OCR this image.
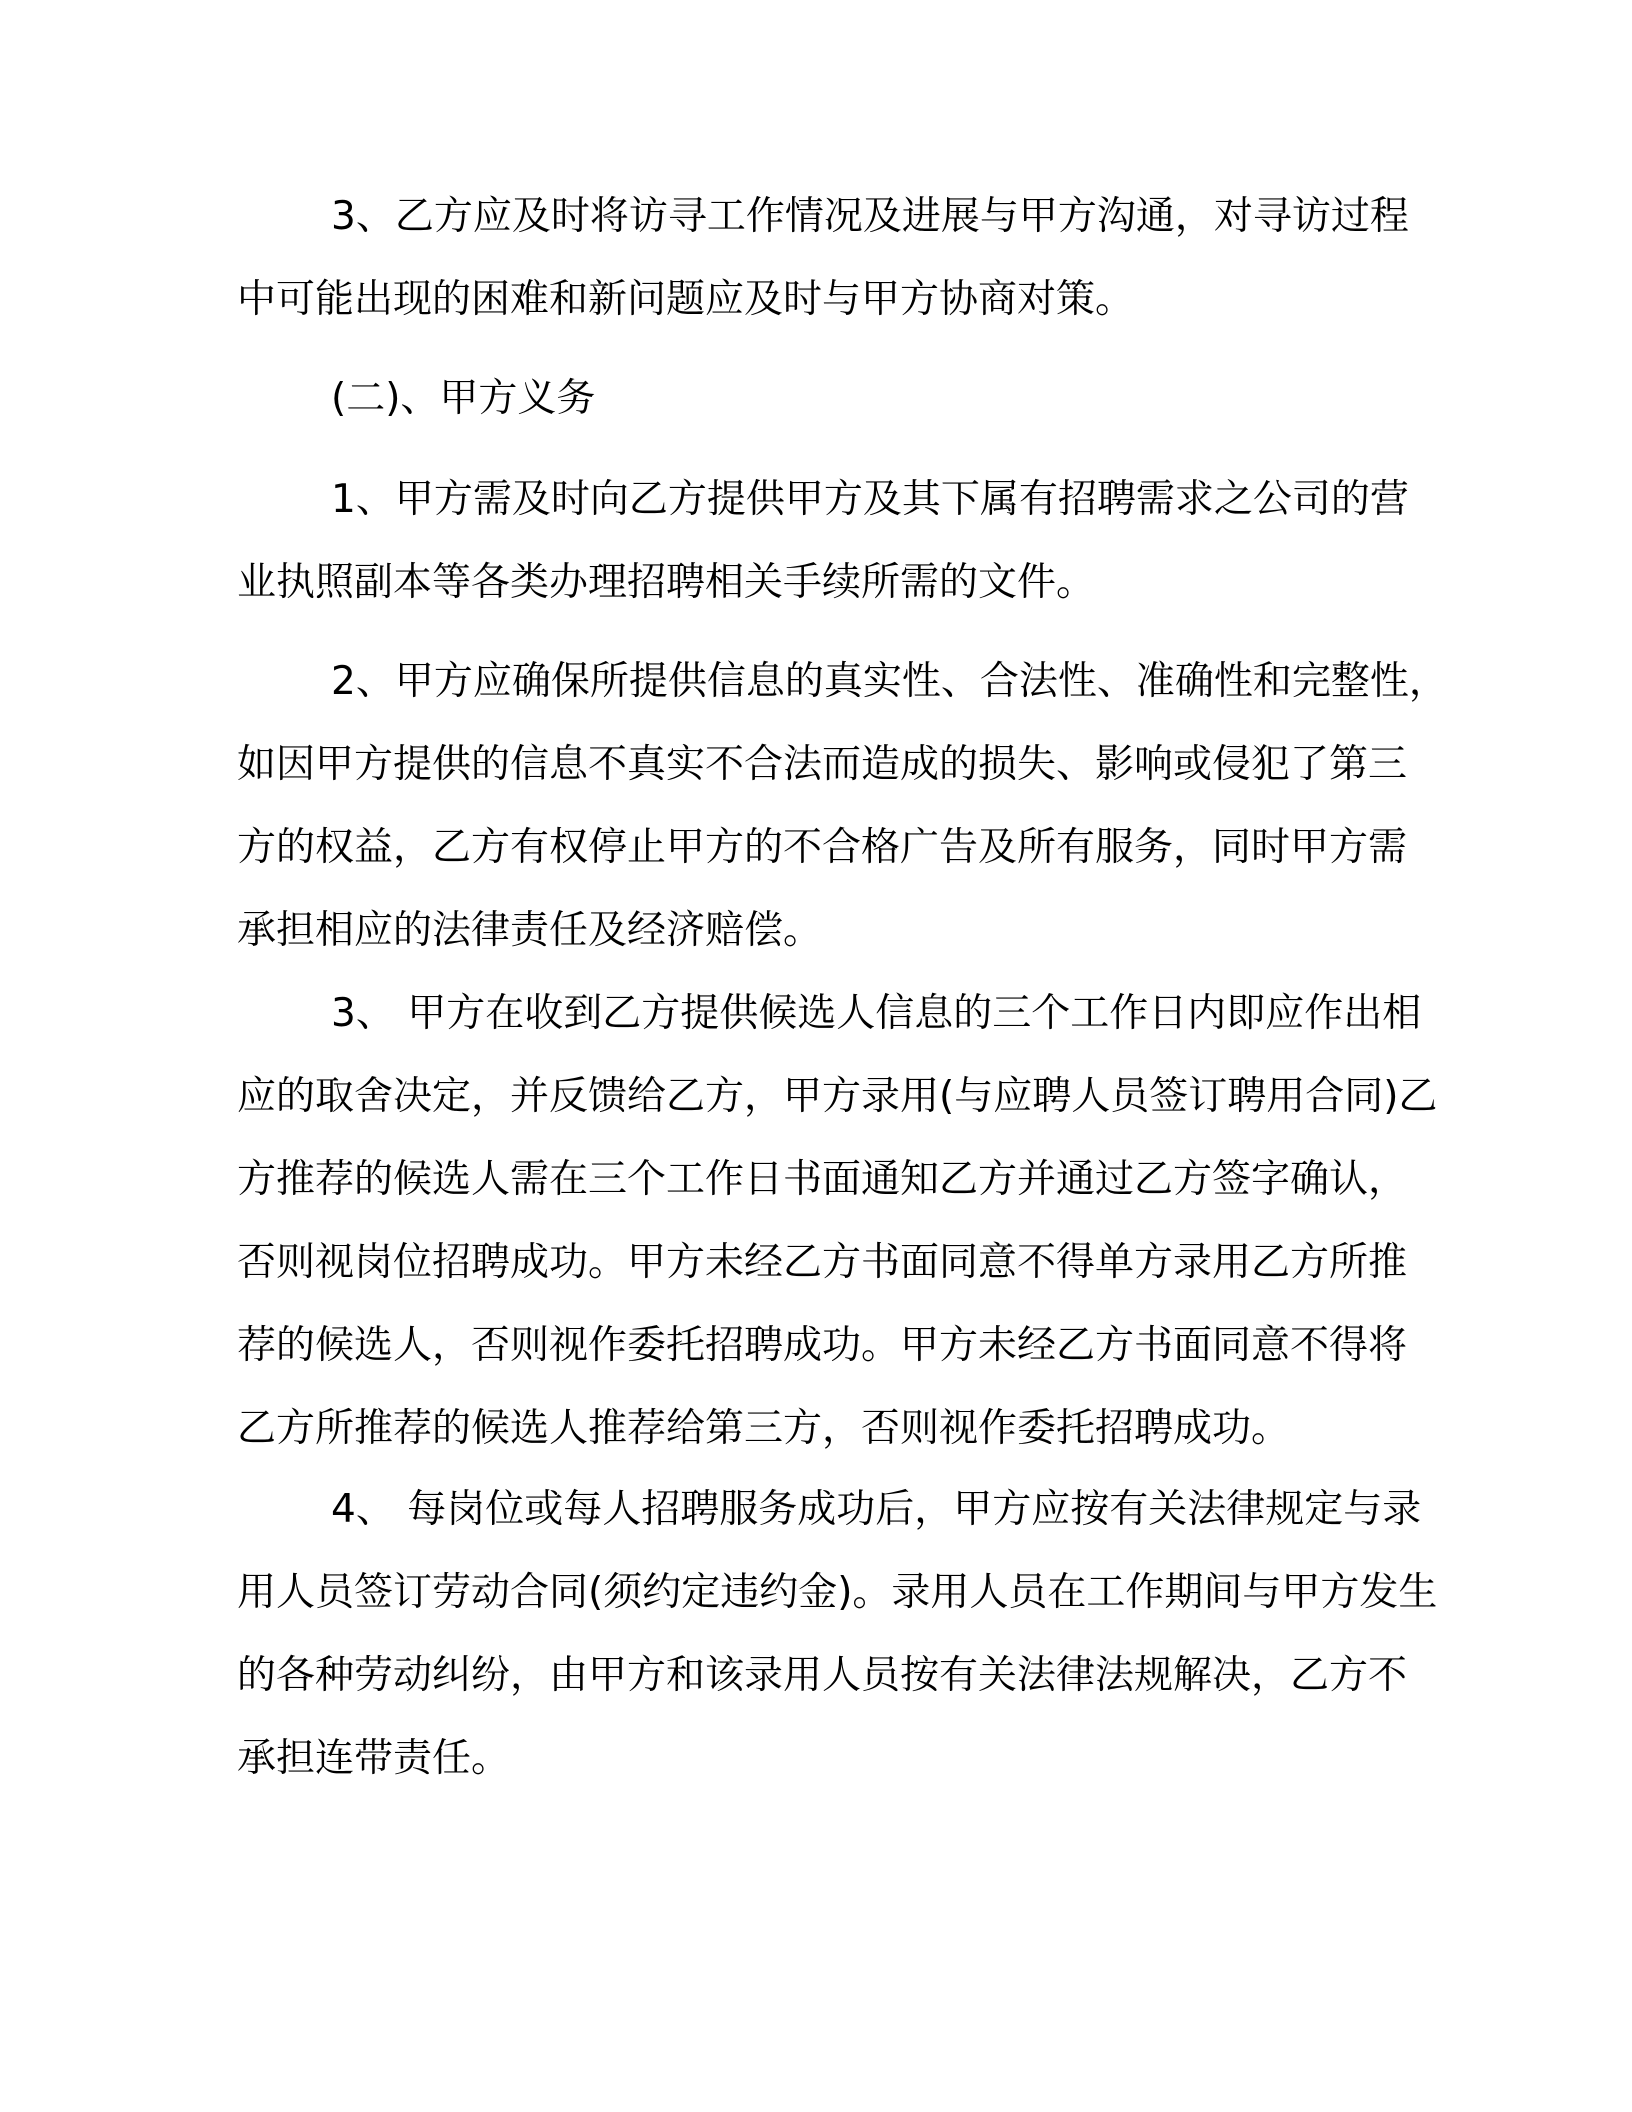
3、乙方应及时将访寻工作情况及进展与甲方沟通，对寻访过程
中可能出现的困难和新问题应及时与甲方协商对策。
(二)、甲方义务
1、甲方需及时向乙方提供甲方及其下属有招聘需求之公司的营
业执照副本等各类办理招聘相关手续所需的文件。
2、甲方应确保所提供信息的真实性、合法性、准确性和完整性，
如因甲方提供的信息不真实不合法而造成的损失、影响或侵犯了第三
方的权益，乙方有权停止甲方的不合格广告及所有服务，同时甲方需
承担相应的法律责任及经济赔偿。
3、 甲方在收到乙方提供候选人信息的三个工作日内即应作出相
应的取舍决定，并反馈给乙方，甲方录用(与应聘人员签订聘用合同)乙
方推荐的候选人需在三个工作日书面通知乙方并通过乙方签字确认，
否则视岗位招聘成功。甲方未经乙方书面同意不得单方录用乙方所推
荐的候选人，否则视作委托招聘成功。甲方未经乙方书面同意不得将
乙方所推荐的候选人推荐给第三方，否则视作委托招聘成功。
4、 每岗位或每人招聘服务成功后，甲方应按有关法律规定与录
用人员签订劳动合同(须约定违约金)。录用人员在工作期间与甲方发生
的各种劳动纠纷，由甲方和该录用人员按有关法律法规解决，乙方不
承担连带责任。
